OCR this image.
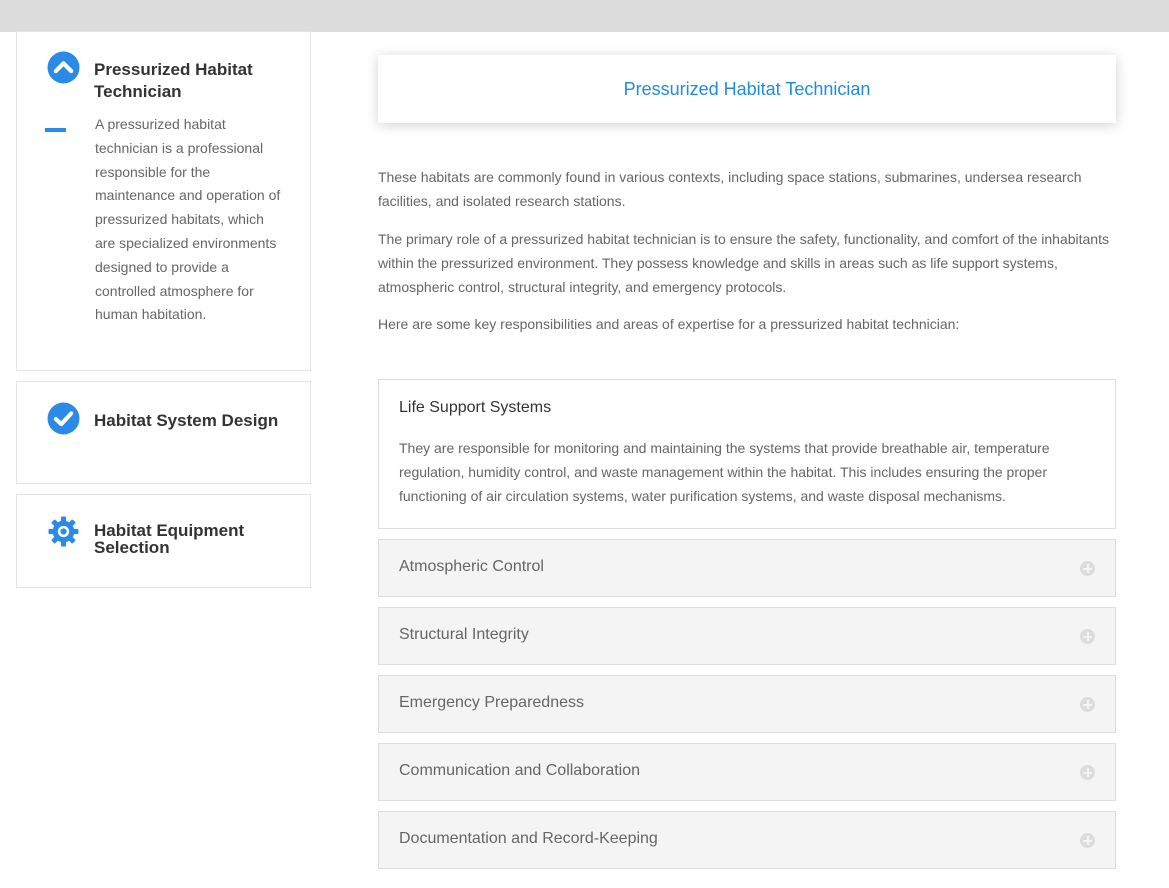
Pressurized Habitat Technician
A pressurized habitat technician is a professional responsible for the maintenance and operation of pressurized habitats, which are specialized environments designed to provide a controlled atmosphere for human habitation.
Habitat System Design
Habitat Equipment Selection
Pressurized Habitat Technician

These habitats are commonly found in various contexts, including space stations, submarines, undersea research facilities, and isolated research stations.

The primary role of a pressurized habitat technician is to ensure the safety, functionality, and comfort of the inhabitants within the pressurized environment. They possess knowledge and skills in areas such as life support systems, atmospheric control, structural integrity, and emergency protocols.

Here are some key responsibilities and areas of expertise for a pressurized habitat technician:

Life Support Systems
They are responsible for monitoring and maintaining the systems that provide breathable air, temperature regulation, humidity control, and waste management within the habitat. This includes ensuring the proper functioning of air circulation systems, water purification systems, and waste disposal mechanisms.
Atmospheric Control
Structural Integrity
Emergency Preparedness
Communication and Collaboration
Documentation and Record-Keeping
